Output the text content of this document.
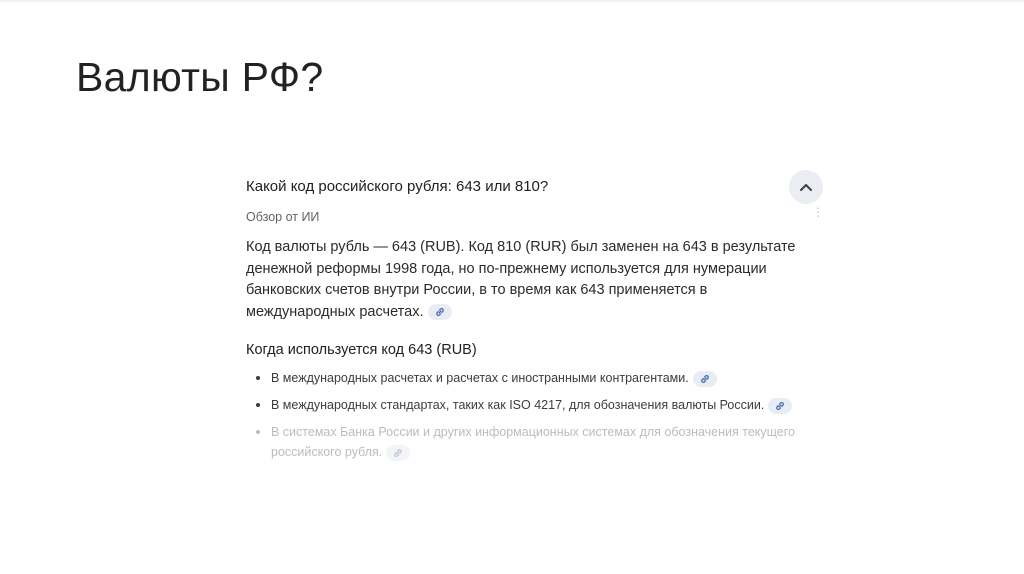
Валюты РФ?
Какой код российского рубля: 643 или 810?
Обзор от ИИ	⋮

Код валюты рубль — 643 (RUB). Код 810 (RUR) был заменен на 643 в результате денежной реформы 1998 года, но по-прежнему используется для нумерации банковских счетов внутри России, в то время как 643 применяется в международных расчетах.

Когда используется код 643 (RUB)
В международных расчетах и расчетах с иностранными контрагентами.
В международных стандартах, таких как ISO 4217, для обозначения валюты России.
В системах Банка России и других информационных системах для обозначения текущего российского рубля.
